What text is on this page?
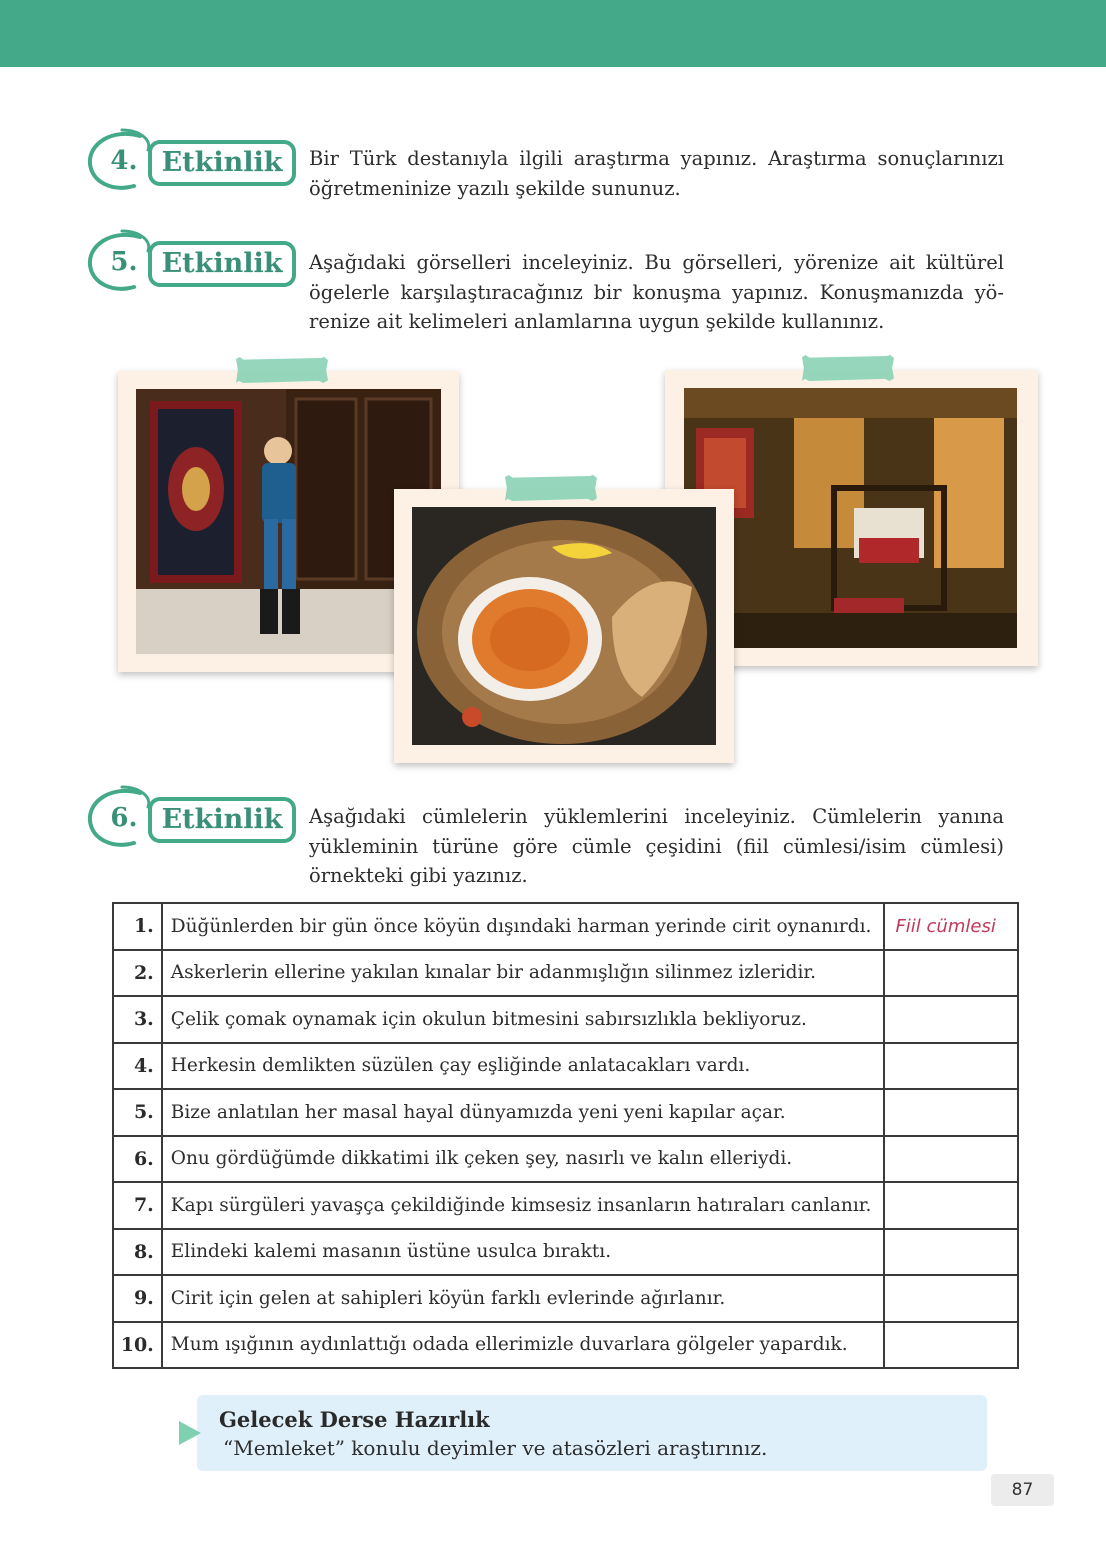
4. Etkinlik	Bir Türk destanıyla ilgili araştırma yapınız. Araştırma sonuçlarınızı öğretmeninize yazılı şekilde sununuz.
5. Etkinlik	Aşağıdaki görselleri inceleyiniz. Bu görselleri, yörenize ait kültürel ögelerle karşılaştıracağınız bir konuşma yapınız. Konuşmanızda yö-renize ait kelimeleri anlamlarına uygun şekilde kullanınız.
6. Etkinlik	Aşağıdaki cümlelerin yüklemlerini inceleyiniz. Cümlelerin yanına yükleminin türüne göre cümle çeşidini (fiil cümlesi/isim cümlesi) örnekteki gibi yazınız.
1.	Düğünlerden bir gün önce köyün dışındaki harman yerinde cirit oynanırdı.	Fiil cümlesi
2.	Askerlerin ellerine yakılan kınalar bir adanmışlığın silinmez izleridir.	
3.	Çelik çomak oynamak için okulun bitmesini sabırsızlıkla bekliyoruz.	
4.	Herkesin demlikten süzülen çay eşliğinde anlatacakları vardı.	
5.	Bize anlatılan her masal hayal dünyamızda yeni yeni kapılar açar.	
6.	Onu gördüğümde dikkatimi ilk çeken şey, nasırlı ve kalın elleriydi.	
7.	Kapı sürgüleri yavaşça çekildiğinde kimsesiz insanların hatıraları canlanır.	
8.	Elindeki kalemi masanın üstüne usulca bıraktı.	
9.	Cirit için gelen at sahipleri köyün farklı evlerinde ağırlanır.	
10.	Mum ışığının aydınlattığı odada ellerimizle duvarlara gölgeler yapardık.	
Gelecek Derse Hazırlık
“Memleket” konulu deyimler ve atasözleri araştırınız.
87
